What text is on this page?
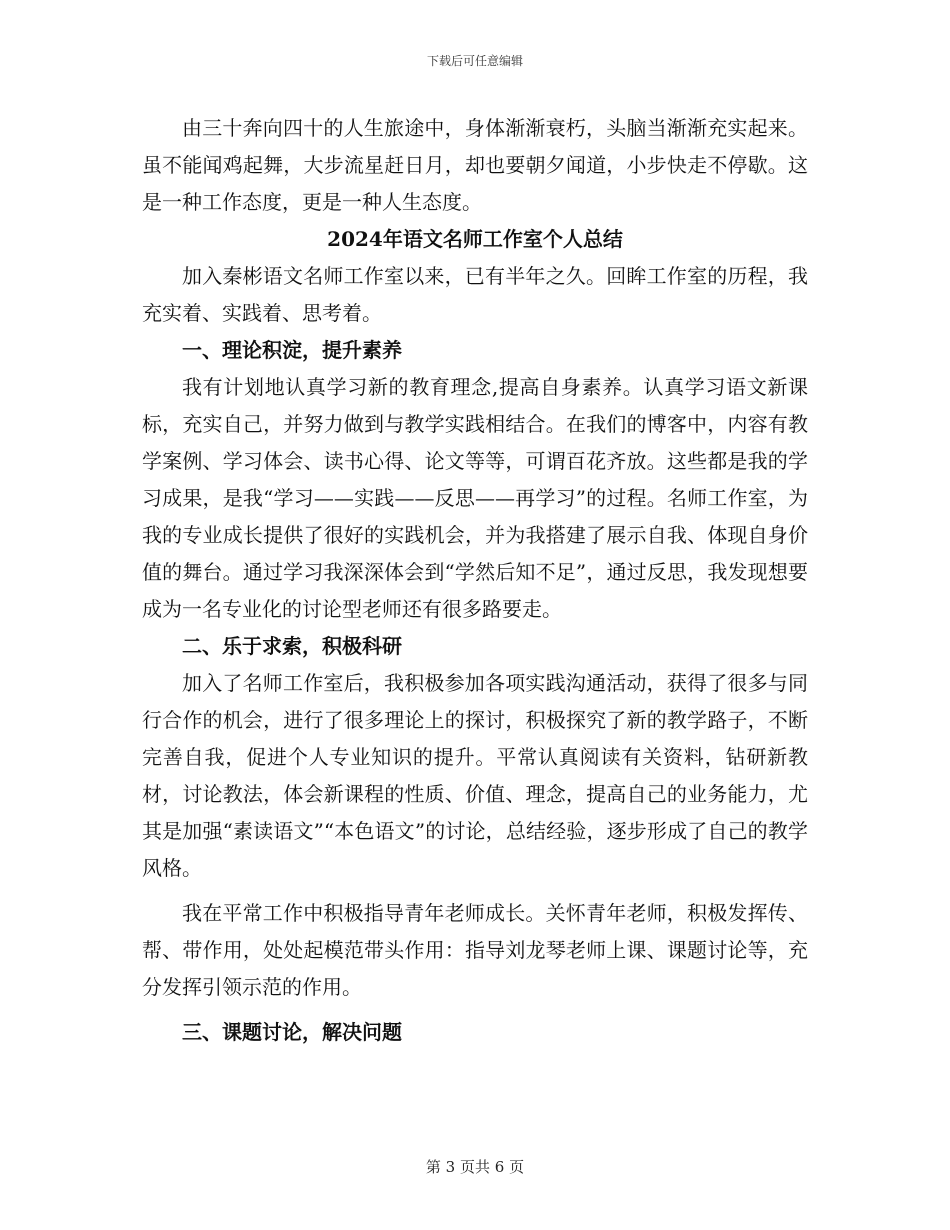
下载后可任意编辑

由三十奔向四十的人生旅途中，身体渐渐衰朽，头脑当渐渐充实起来。虽不能闻鸡起舞，大步流星赶日月，却也要朝夕闻道，小步快走不停歇。这是一种工作态度，更是一种人生态度。

2024年语文名师工作室个人总结

加入秦彬语文名师工作室以来，已有半年之久。回眸工作室的历程，我充实着、实践着、思考着。

一、理论积淀，提升素养

我有计划地认真学习新的教育理念,提高自身素养。认真学习语文新课标，充实自己，并努力做到与教学实践相结合。在我们的博客中，内容有教学案例、学习体会、读书心得、论文等等，可谓百花齐放。这些都是我的学习成果，是我“学习——实践——反思——再学习”的过程。名师工作室，为我的专业成长提供了很好的实践机会，并为我搭建了展示自我、体现自身价值的舞台。通过学习我深深体会到“学然后知不足”，通过反思，我发现想要成为一名专业化的讨论型老师还有很多路要走。

二、乐于求索，积极科研

加入了名师工作室后，我积极参加各项实践沟通活动，获得了很多与同行合作的机会，进行了很多理论上的探讨，积极探究了新的教学路子，不断完善自我，促进个人专业知识的提升。平常认真阅读有关资料，钻研新教材，讨论教法，体会新课程的性质、价值、理念，提高自己的业务能力，尤其是加强“素读语文”“本色语文”的讨论，总结经验，逐步形成了自己的教学风格。

我在平常工作中积极指导青年老师成长。关怀青年老师，积极发挥传、帮、带作用，处处起模范带头作用：指导刘龙琴老师上课、课题讨论等，充分发挥引领示范的作用。

三、课题讨论，解决问题

第 3 页共 6 页
